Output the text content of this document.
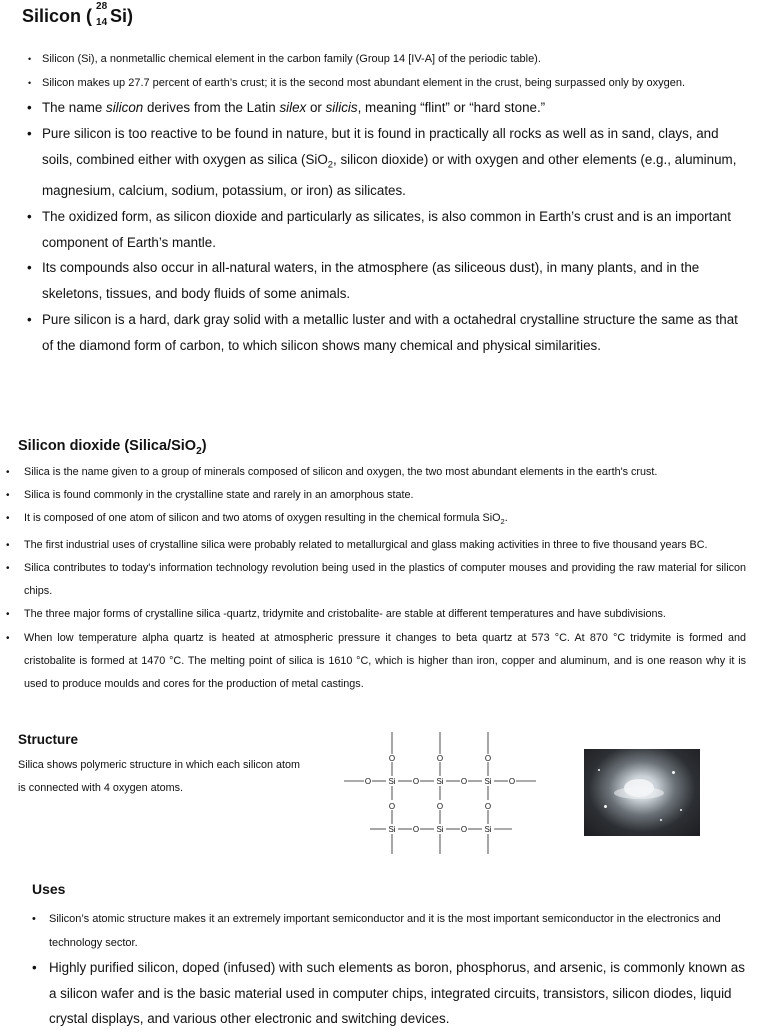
Silicon ( 28
14 Si)
• Silicon (Si), a nonmetallic chemical element in the carbon family (Group 14 [IV-A] of the periodic table).
• Silicon makes up 27.7 percent of earth’s crust; it is the second most abundant element in the crust, being surpassed only by oxygen.
• The name silicon derives from the Latin silex or silicis, meaning “flint” or “hard stone.”
• Pure silicon is too reactive to be found in nature, but it is found in practically all rocks as well as in sand, clays, and soils, combined either with oxygen as silica (SiO$_2$, silicon dioxide) or with oxygen and other elements (e.g., aluminum, magnesium, calcium, sodium, potassium, or iron) as silicates.
• The oxidized form, as silicon dioxide and particularly as silicates, is also common in Earth’s crust and is an important component of Earth’s mantle.
• Its compounds also occur in all-natural waters, in the atmosphere (as siliceous dust), in many plants, and in the skeletons, tissues, and body fluids of some animals.
• Pure silicon is a hard, dark gray solid with a metallic luster and with a octahedral crystalline structure the same as that of the diamond form of carbon, to which silicon shows many chemical and physical similarities.
Silicon dioxide (Silica/SiO$_2$)
• Silica is the name given to a group of minerals composed of silicon and oxygen, the two most abundant elements in the earth's crust.
• Silica is found commonly in the crystalline state and rarely in an amorphous state.
• It is composed of one atom of silicon and two atoms of oxygen resulting in the chemical formula SiO$_2$.
• The first industrial uses of crystalline silica were probably related to metallurgical and glass making activities in three to five thousand years BC.
• Silica contributes to today's information technology revolution being used in the plastics of computer mouses and providing the raw material for silicon chips.
• The three major forms of crystalline silica -quartz, tridymite and cristobalite- are stable at different temperatures and have subdivisions.
• When low temperature alpha quartz is heated at atmospheric pressure it changes to beta quartz at 573 °C. At 870 °C tridymite is formed and cristobalite is formed at 1470 °C. The melting point of silica is 1610 °C, which is higher than iron, copper and aluminum, and is one reason why it is used to produce moulds and cores for the production of metal castings.
Structure

Silica shows polymeric structure in which each silicon atom is connected with 4 oxygen atoms.

O	O	O
O Si O Si O Si O
O	O	O
Si O Si O Si
Uses
• Silicon’s atomic structure makes it an extremely important semiconductor and it is the most important semiconductor in the electronics and technology sector.
• Highly purified silicon, doped (infused) with such elements as boron, phosphorus, and arsenic, is commonly known as a silicon wafer and is the basic material used in computer chips, integrated circuits, transistors, silicon diodes, liquid crystal displays, and various other electronic and switching devices.
